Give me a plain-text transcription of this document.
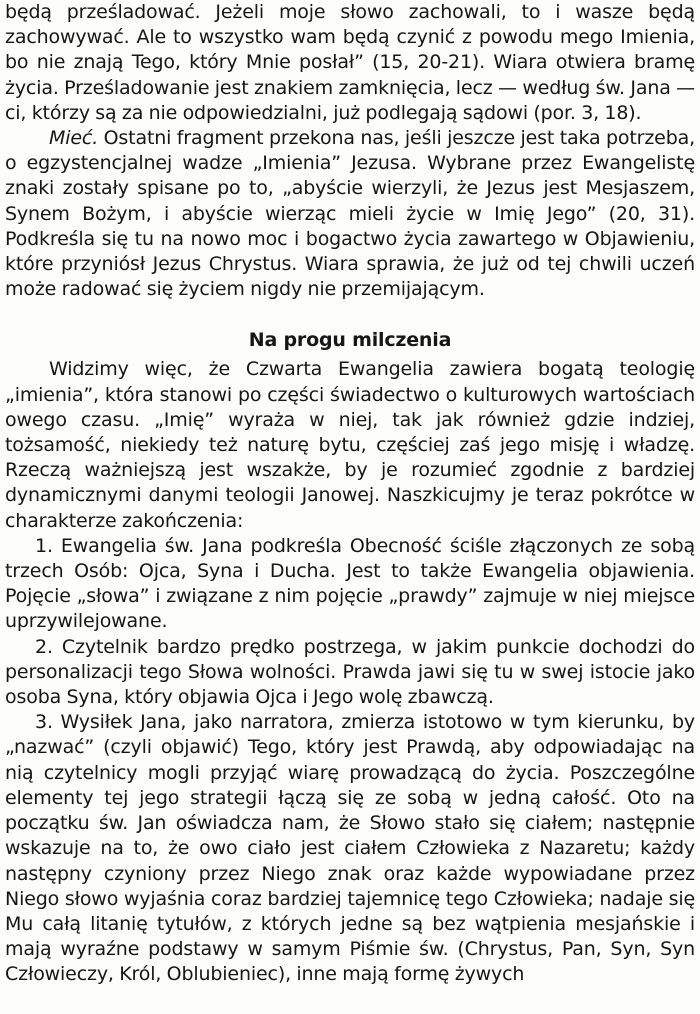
będą prześladować. Jeżeli moje słowo zachowali, to i wasze będą zachowywać. Ale to wszystko wam będą czynić z powodu mego Imienia, bo nie znają Tego, który Mnie posłał” (15, 20-21). Wiara otwiera bramę życia. Prześladowanie jest znakiem zamknięcia, lecz — według św. Jana — ci, którzy są za nie odpowiedzialni, już podlegają sądowi (por. 3, 18).

Mieć. Ostatni fragment przekona nas, jeśli jeszcze jest taka potrzeba, o egzystencjalnej wadze „Imienia” Jezusa. Wybrane przez Ewangelistę znaki zostały spisane po to, „abyście wierzyli, że Jezus jest Mesjaszem, Synem Bożym, i abyście wierząc mieli życie w Imię Jego” (20, 31). Podkreśla się tu na nowo moc i bogactwo życia zawartego w Objawieniu, które przyniósł Jezus Chrystus. Wiara sprawia, że już od tej chwili uczeń może radować się życiem nigdy nie przemijającym.

Na progu milczenia

Widzimy więc, że Czwarta Ewangelia zawiera bogatą teologię „imienia”, która stanowi po części świadectwo o kulturowych wartościach owego czasu. „Imię” wyraża w niej, tak jak również gdzie indziej, tożsamość, niekiedy też naturę bytu, częściej zaś jego misję i władzę. Rzeczą ważniejszą jest wszakże, by je rozumieć zgodnie z bardziej dynamicznymi danymi teologii Janowej. Naszkicujmy je teraz pokrótce w charakterze zakończenia:

1. Ewangelia św. Jana podkreśla Obecność ściśle złączonych ze sobą trzech Osób: Ojca, Syna i Ducha. Jest to także Ewangelia objawienia. Pojęcie „słowa” i związane z nim pojęcie „prawdy” zajmuje w niej miejsce uprzywilejowane.

2. Czytelnik bardzo prędko postrzega, w jakim punkcie dochodzi do personalizacji tego Słowa wolności. Prawda jawi się tu w swej istocie jako osoba Syna, który objawia Ojca i Jego wolę zbawczą.

3. Wysiłek Jana, jako narratora, zmierza istotowo w tym kierunku, by „nazwać” (czyli objawić) Tego, który jest Prawdą, aby odpowiadając na nią czytelnicy mogli przyjąć wiarę prowadzącą do życia. Poszczególne elementy tej jego strategii łączą się ze sobą w jedną całość. Oto na początku św. Jan oświadcza nam, że Słowo stało się ciałem; następnie wskazuje na to, że owo ciało jest ciałem Człowieka z Nazaretu; każdy następny czyniony przez Niego znak oraz każde wypowiadane przez Niego słowo wyjaśnia coraz bardziej tajemnicę tego Człowieka; nadaje się Mu całą litanię tytułów, z których jedne są bez wątpienia mesjańskie i mają wyraźne podstawy w samym Piśmie św. (Chrystus, Pan, Syn, Syn Człowieczy, Król, Oblubieniec), inne mają formę żywych
